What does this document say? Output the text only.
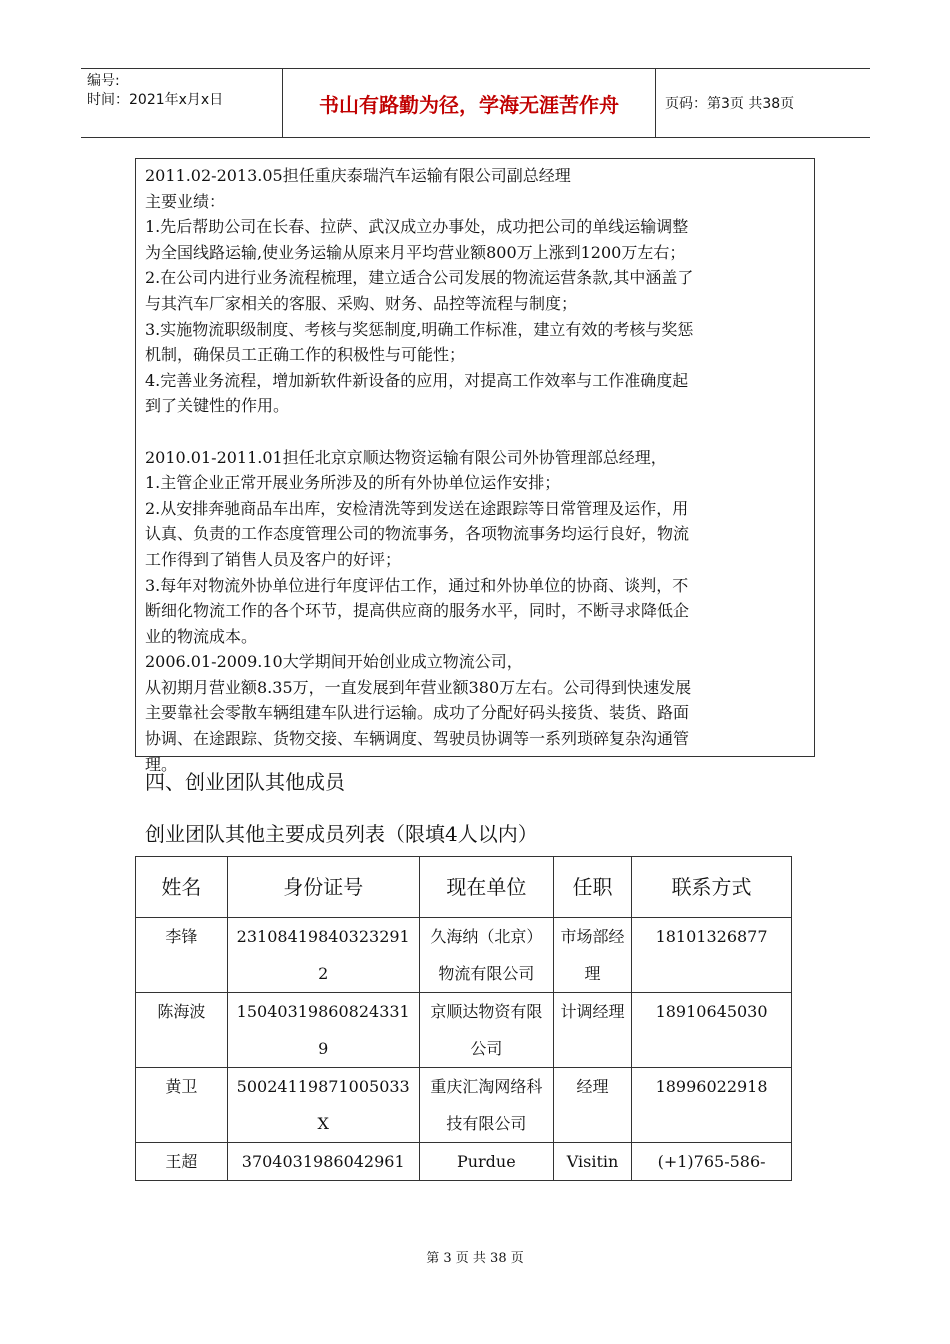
编号:
时间：2021年x月x日	书山有路勤为径，学海无涯苦作舟	页码：第3页 共38页

2011.02-2013.05担任重庆泰瑞汽车运输有限公司副总经理

主要业绩：

1.先后帮助公司在长春、拉萨、武汉成立办事处，成功把公司的单线运输调整

为全国线路运输,使业务运输从原来月平均营业额800万上涨到1200万左右；

2.在公司内进行业务流程梳理，建立适合公司发展的物流运营条款,其中涵盖了

与其汽车厂家相关的客服、采购、财务、品控等流程与制度；

3.实施物流职级制度、考核与奖惩制度,明确工作标准，建立有效的考核与奖惩

机制，确保员工正确工作的积极性与可能性；

4.完善业务流程，增加新软件新设备的应用，对提高工作效率与工作准确度起

到了关键性的作用。

2010.01-2011.01担任北京京顺达物资运输有限公司外协管理部总经理，

1.主管企业正常开展业务所涉及的所有外协单位运作安排；

2.从安排奔驰商品车出库，安检清洗等到发送在途跟踪等日常管理及运作，用

认真、负责的工作态度管理公司的物流事务，各项物流事务均运行良好，物流

工作得到了销售人员及客户的好评；

3.每年对物流外协单位进行年度评估工作，通过和外协单位的协商、谈判，不

断细化物流工作的各个环节，提高供应商的服务水平，同时，不断寻求降低企

业的物流成本。

2006.01-2009.10大学期间开始创业成立物流公司，

从初期月营业额8.35万，一直发展到年营业额380万左右。公司得到快速发展

主要靠社会零散车辆组建车队进行运输。成功了分配好码头接货、装货、路面

协调、在途跟踪、货物交接、车辆调度、驾驶员协调等一系列琐碎复杂沟通管

理。

四、创业团队其他成员
创业团队其他主要成员列表（限填4人以内）
姓名	身份证号	现在单位	任职	联系方式
李锋	231084198403232912	久海纳（北京）物流有限公司	市场部经理	18101326877
陈海波	150403198608243319	京顺达物资有限公司	计调经理	18910645030
黄卫	50024119871005033X	重庆汇淘网络科技有限公司	经理	18996022918
王超	3704031986042961	Purdue	Visitin	(+1)765-586-
第 3 页 共 38 页
